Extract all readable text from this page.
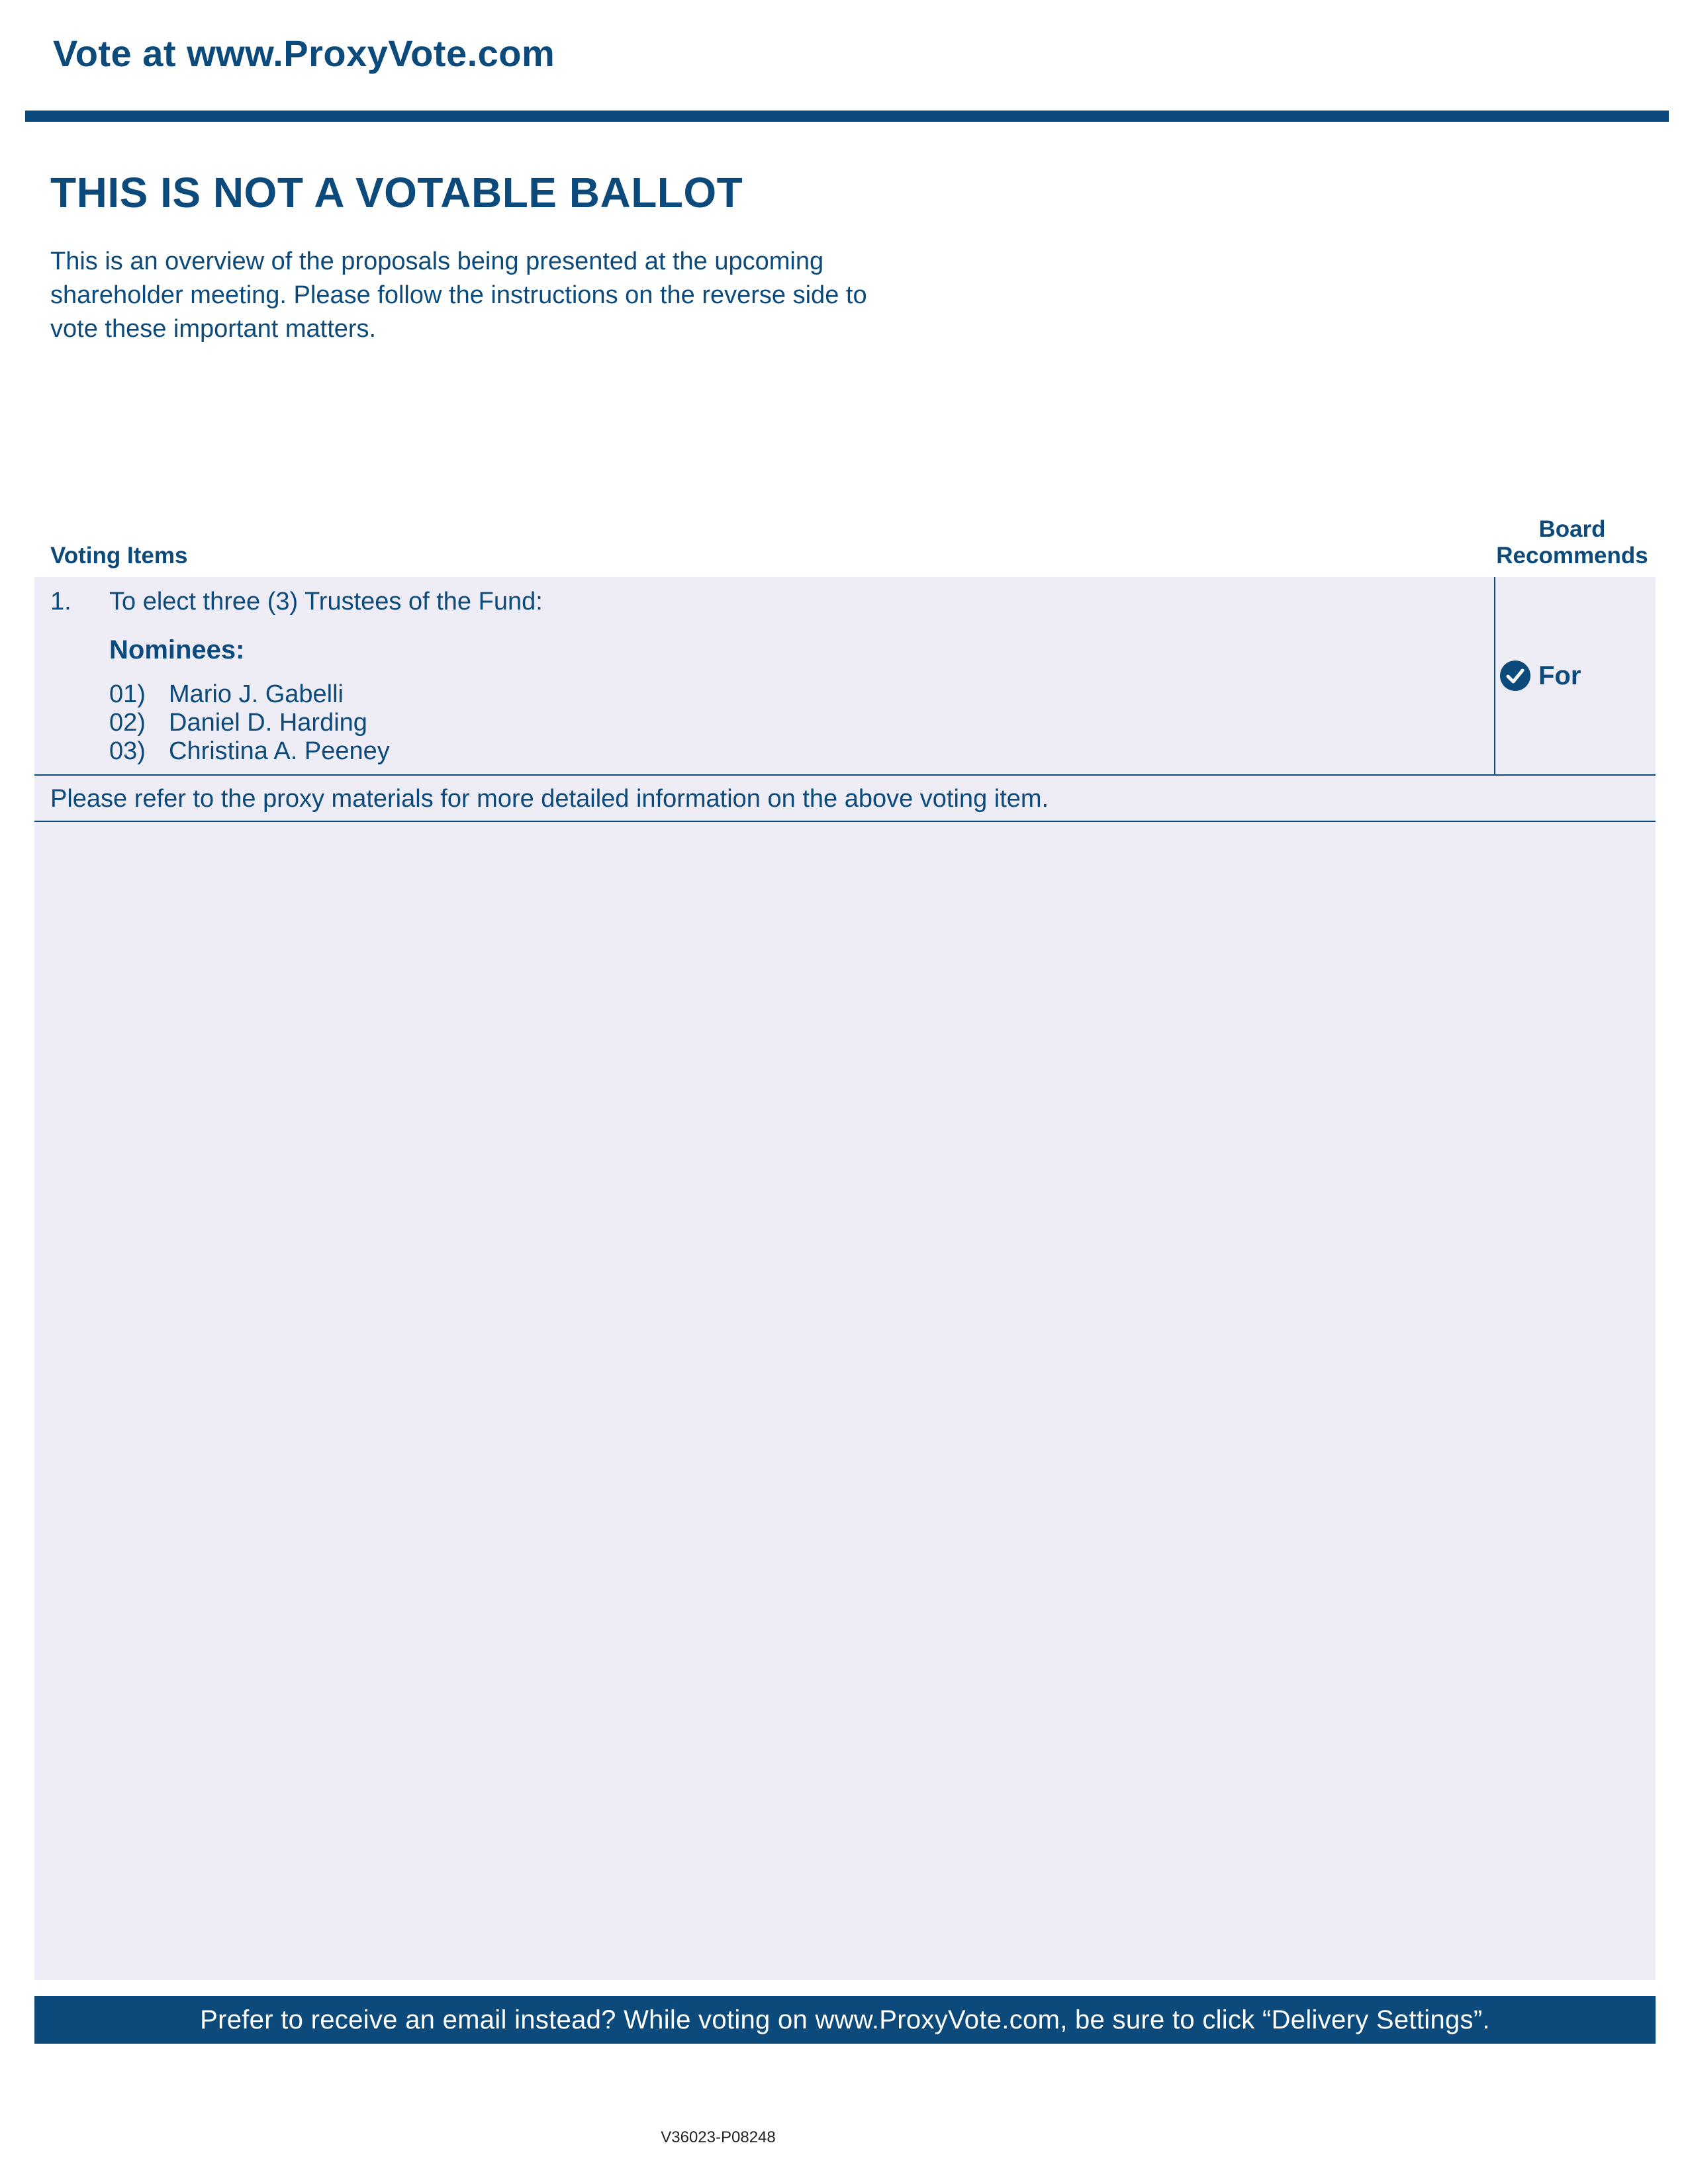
Vote at www.ProxyVote.com
THIS IS NOT A VOTABLE BALLOT
This is an overview of the proposals being presented at the upcoming shareholder meeting. Please follow the instructions on the reverse side to vote these important matters.
Voting Items
Board
Recommends
1. To elect three (3) Trustees of the Fund:
Nominees:
01) Mario J. Gabelli
02) Daniel D. Harding
03) Christina A. Peeney
For
Please refer to the proxy materials for more detailed information on the above voting item.
Prefer to receive an email instead? While voting on www.ProxyVote.com, be sure to click “Delivery Settings”.
V36023-P08248
